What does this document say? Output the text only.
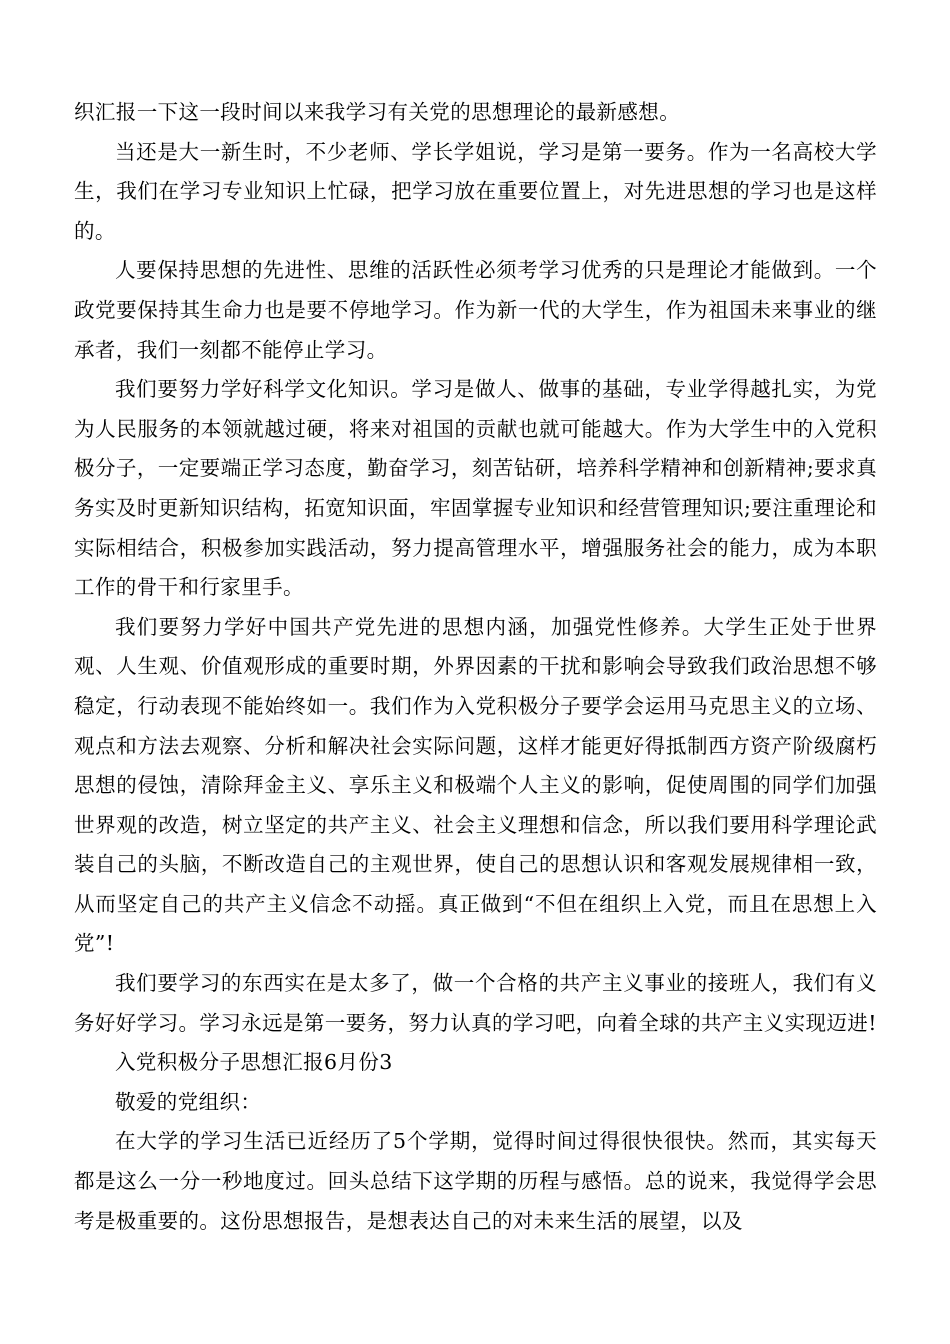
织汇报一下这一段时间以来我学习有关党的思想理论的最新感想。

当还是大一新生时，不少老师、学长学姐说，学习是第一要务。作为一名高校大学生，我们在学习专业知识上忙碌，把学习放在重要位置上，对先进思想的学习也是这样的。

人要保持思想的先进性、思维的活跃性必须考学习优秀的只是理论才能做到。一个政党要保持其生命力也是要不停地学习。作为新一代的大学生，作为祖国未来事业的继承者，我们一刻都不能停止学习。

我们要努力学好科学文化知识。学习是做人、做事的基础，专业学得越扎实，为党为人民服务的本领就越过硬，将来对祖国的贡献也就可能越大。作为大学生中的入党积极分子，一定要端正学习态度，勤奋学习，刻苦钻研，培养科学精神和创新精神;要求真务实及时更新知识结构，拓宽知识面，牢固掌握专业知识和经营管理知识;要注重理论和实际相结合，积极参加实践活动，努力提高管理水平，增强服务社会的能力，成为本职工作的骨干和行家里手。

我们要努力学好中国共产党先进的思想内涵，加强党性修养。大学生正处于世界观、人生观、价值观形成的重要时期，外界因素的干扰和影响会导致我们政治思想不够稳定，行动表现不能始终如一。我们作为入党积极分子要学会运用马克思主义的立场、观点和方法去观察、分析和解决社会实际问题，这样才能更好得抵制西方资产阶级腐朽思想的侵蚀，清除拜金主义、享乐主义和极端个人主义的影响，促使周围的同学们加强世界观的改造，树立坚定的共产主义、社会主义理想和信念，所以我们要用科学理论武装自己的头脑，不断改造自己的主观世界，使自己的思想认识和客观发展规律相一致，从而坚定自己的共产主义信念不动摇。真正做到“不但在组织上入党，而且在思想上入党”!

我们要学习的东西实在是太多了，做一个合格的共产主义事业的接班人，我们有义务好好学习。学习永远是第一要务，努力认真的学习吧，向着全球的共产主义实现迈进!

入党积极分子思想汇报6月份3

敬爱的党组织：

在大学的学习生活已近经历了5个学期，觉得时间过得很快很快。然而，其实每天都是这么一分一秒地度过。回头总结下这学期的历程与感悟。总的说来，我觉得学会思考是极重要的。这份思想报告，是想表达自己的对未来生活的展望，以及
